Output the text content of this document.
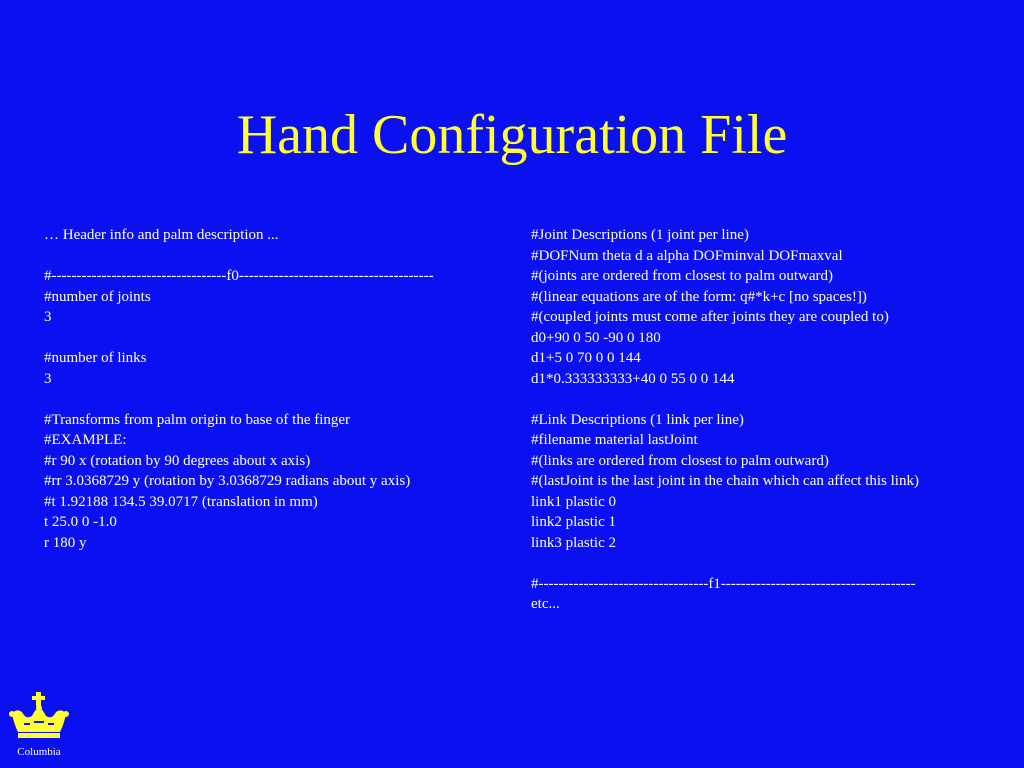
Hand Configuration File
… Header info and palm description ...
#-----------------------------------f0---------------------------------------
#number of joints
3
#number of links
3
#Transforms from palm origin to base of the finger
#EXAMPLE:
#r 90 x (rotation by 90 degrees about x axis)
#rr 3.0368729 y (rotation by 3.0368729 radians about y axis)
#t 1.92188 134.5 39.0717 (translation in mm)
t 25.0 0 -1.0
r 180 y
#Joint Descriptions (1 joint per line)
#DOFNum theta d a alpha DOFminval DOFmaxval
#(joints are ordered from closest to palm outward)
#(linear equations are of the form: q#*k+c [no spaces!])
#(coupled joints must come after joints they are coupled to)
d0+90 0 50 -90 0 180
d1+5 0 70 0 0 144
d1*0.333333333+40 0 55 0 0 144
#Link Descriptions (1 link per line)
#filename material lastJoint
#(links are ordered from closest to palm outward)
#(lastJoint is the last joint in the chain which can affect this link)
link1 plastic 0
link2 plastic 1
link3 plastic 2
#----------------------------------f1---------------------------------------
etc...
Columbia
